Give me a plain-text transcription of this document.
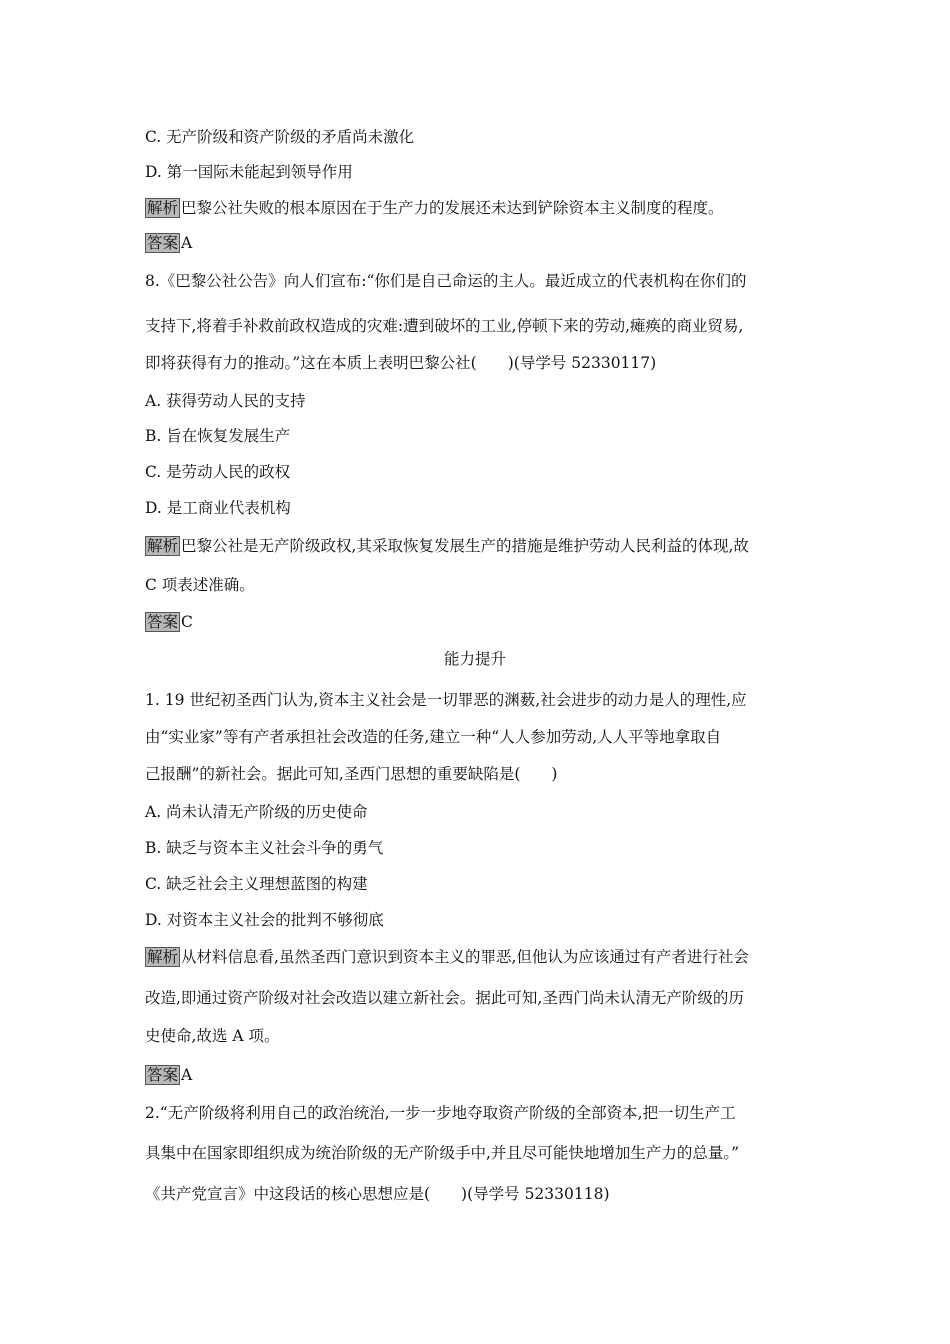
C. 无产阶级和资产阶级的矛盾尚未激化

D. 第一国际未能起到领导作用

解析 巴黎公社失败的根本原因在于生产力的发展还未达到铲除资本主义制度的程度。

答案 A

8.《巴黎公社公告》向人们宣布:“你们是自己命运的主人。最近成立的代表机构在你们的

支持下,将着手补救前政权造成的灾难:遭到破坏的工业,停顿下来的劳动,瘫痪的商业贸易,

即将获得有力的推动。”这在本质上表明巴黎公社(　　)(导学号 52330117)

A. 获得劳动人民的支持

B. 旨在恢复发展生产

C. 是劳动人民的政权

D. 是工商业代表机构

解析 巴黎公社是无产阶级政权,其采取恢复发展生产的措施是维护劳动人民利益的体现,故

C 项表述准确。

答案 C

能力提升

1. 19 世纪初圣西门认为,资本主义社会是一切罪恶的渊薮,社会进步的动力是人的理性,应

由“实业家”等有产者承担社会改造的任务,建立一种“人人参加劳动,人人平等地拿取自

己报酬”的新社会。据此可知,圣西门思想的重要缺陷是(　　)

A. 尚未认清无产阶级的历史使命

B. 缺乏与资本主义社会斗争的勇气

C. 缺乏社会主义理想蓝图的构建

D. 对资本主义社会的批判不够彻底

解析 从材料信息看,虽然圣西门意识到资本主义的罪恶,但他认为应该通过有产者进行社会

改造,即通过资产阶级对社会改造以建立新社会。据此可知,圣西门尚未认清无产阶级的历

史使命,故选 A 项。

答案 A

2.“无产阶级将利用自己的政治统治,一步一步地夺取资产阶级的全部资本,把一切生产工

具集中在国家即组织成为统治阶级的无产阶级手中,并且尽可能快地增加生产力的总量。”

《共产党宣言》中这段话的核心思想应是(　　)(导学号 52330118)
